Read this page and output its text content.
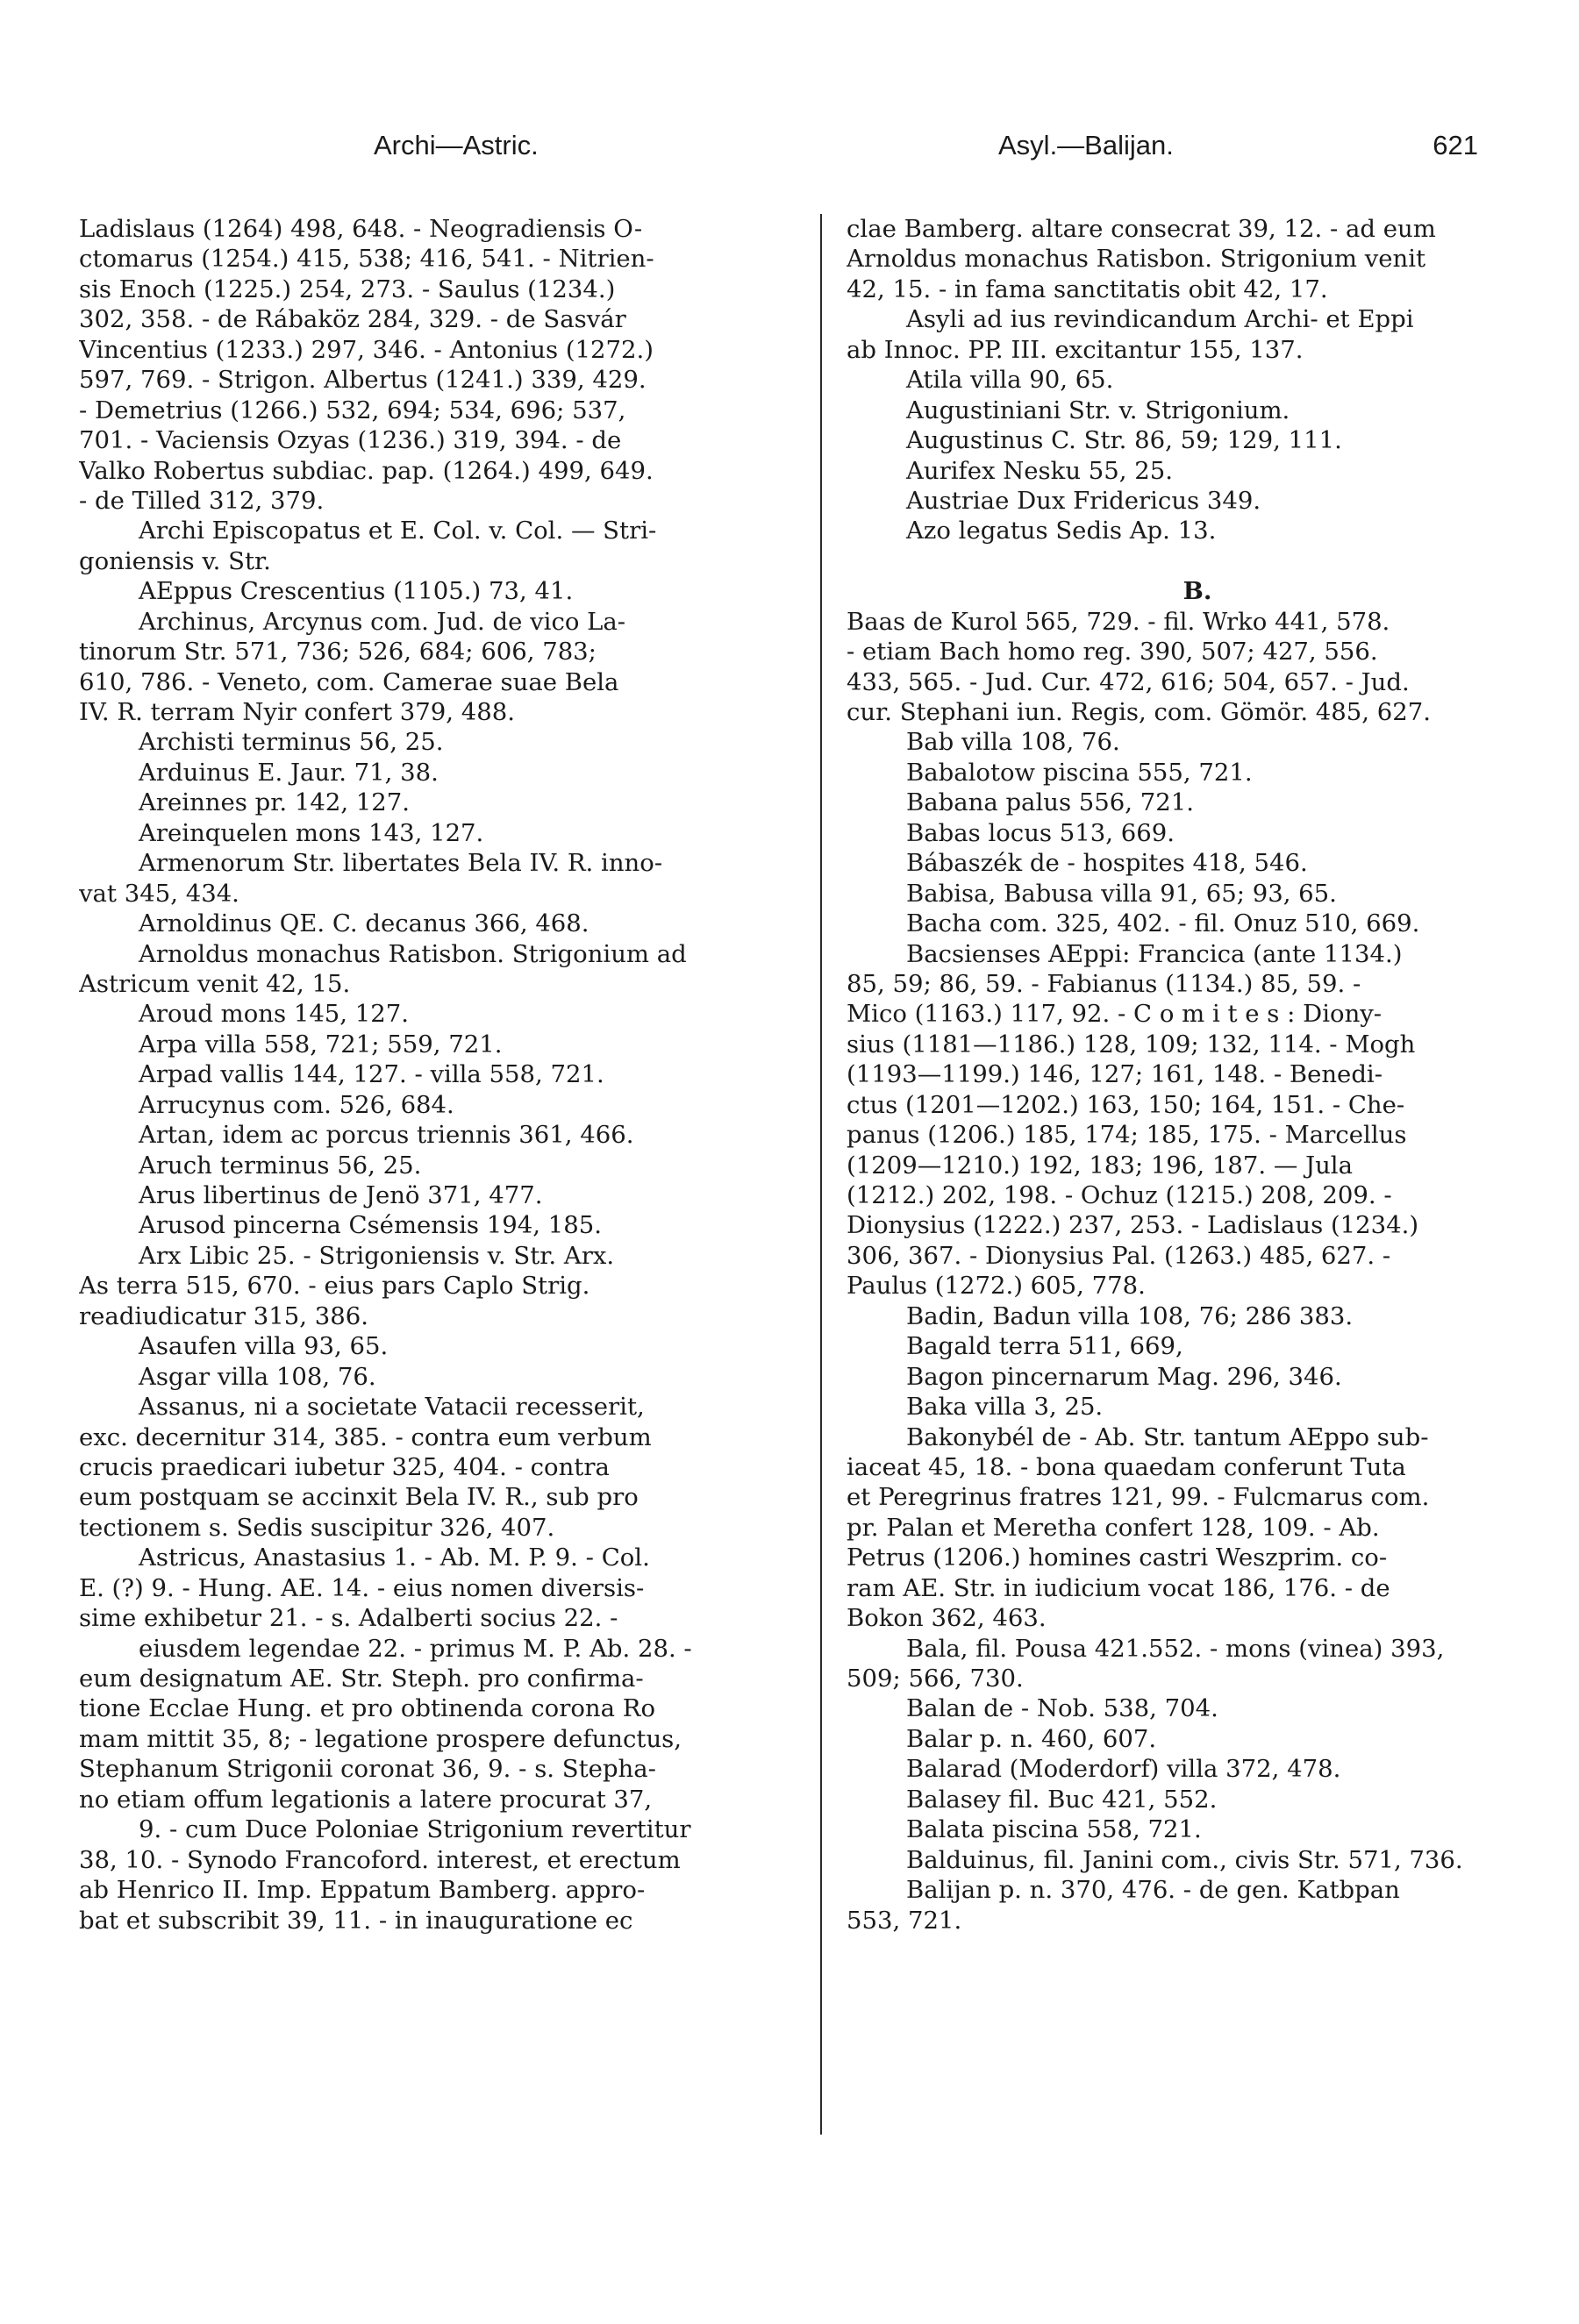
Archi—Astric.	Asyl.—Balijan.	621
Ladislaus (1264) 498, 648. - Neogradiensis O-
ctomarus (1254.) 415, 538; 416, 541. - Nitrien-
sis Enoch (1225.) 254, 273. - Saulus (1234.)
302, 358. - de Rábaköz 284, 329. - de Sasvár
Vincentius (1233.) 297, 346. - Antonius (1272.)
597, 769. - Strigon. Albertus (1241.) 339, 429.
- Demetrius (1266.) 532, 694; 534, 696; 537,
701. - Vaciensis Ozyas (1236.) 319, 394. - de
Valko Robertus subdiac. pap. (1264.) 499, 649.
- de Tilled 312, 379.
Archi Episcopatus et E. Col. v. Col. — Stri-
goniensis v. Str.
AEppus Crescentius (1105.) 73, 41.
Archinus, Arcynus com. Jud. de vico La-
tinorum Str. 571, 736; 526, 684; 606, 783;
610, 786. - Veneto, com. Camerae suae Bela
IV. R. terram Nyir confert 379, 488.
Archisti terminus 56, 25.
Arduinus E. Jaur. 71, 38.
Areinnes pr. 142, 127.
Areinquelen mons 143, 127.
Armenorum Str. libertates Bela IV. R. inno-
vat 345, 434.
Arnoldinus QE. C. decanus 366, 468.
Arnoldus monachus Ratisbon. Strigonium ad
Astricum venit 42, 15.
Aroud mons 145, 127.
Arpa villa 558, 721; 559, 721.
Arpad vallis 144, 127. - villa 558, 721.
Arrucynus com. 526, 684.
Artan, idem ac porcus triennis 361, 466.
Aruch terminus 56, 25.
Arus libertinus de Jenö 371, 477.
Arusod pincerna Csémensis 194, 185.
Arx Libic 25. - Strigoniensis v. Str. Arx.
As terra 515, 670. - eius pars Caplo Strig.
readiudicatur 315, 386.
Asaufen villa 93, 65.
Asgar villa 108, 76.
Assanus, ni a societate Vatacii recesserit,
exc. decernitur 314, 385. - contra eum verbum
crucis praedicari iubetur 325, 404. - contra
eum postquam se accinxit Bela IV. R., sub pro
tectionem s. Sedis suscipitur 326, 407.
Astricus, Anastasius 1. - Ab. M. P. 9. - Col.
E. (?) 9. - Hung. AE. 14. - eius nomen diversis-
sime exhibetur 21. - s. Adalberti socius 22. -
eiusdem legendae 22. - primus M. P. Ab. 28. -
eum designatum AE. Str. Steph. pro confirma-
tione Ecclae Hung. et pro obtinenda corona Ro
mam mittit 35, 8; - legatione prospere defunctus,
Stephanum Strigonii coronat 36, 9. - s. Stepha-
no etiam offum legationis a latere procurat 37,
9. - cum Duce Poloniae Strigonium revertitur
38, 10. - Synodo Francoford. interest, et erectum
ab Henrico II. Imp. Eppatum Bamberg. appro-
bat et subscribit 39, 11. - in inauguratione ec
clae Bamberg. altare consecrat 39, 12. - ad eum
Arnoldus monachus Ratisbon. Strigonium venit
42, 15. - in fama sanctitatis obit 42, 17.
Asyli ad ius revindicandum Archi- et Eppi
ab Innoc. PP. III. excitantur 155, 137.
Atila villa 90, 65.
Augustiniani Str. v. Strigonium.
Augustinus C. Str. 86, 59; 129, 111.
Aurifex Nesku 55, 25.
Austriae Dux Fridericus 349.
Azo legatus Sedis Ap. 13.
B.
Baas de Kurol 565, 729. - fil. Wrko 441, 578.
- etiam Bach homo reg. 390, 507; 427, 556.
433, 565. - Jud. Cur. 472, 616; 504, 657. - Jud.
cur. Stephani iun. Regis, com. Gömör. 485, 627.
Bab villa 108, 76.
Babalotow piscina 555, 721.
Babana palus 556, 721.
Babas locus 513, 669.
Bábaszék de - hospites 418, 546.
Babisa, Babusa villa 91, 65; 93, 65.
Bacha com. 325, 402. - fil. Onuz 510, 669.
Bacsienses AEppi: Francica (ante 1134.)
85, 59; 86, 59. - Fabianus (1134.) 85, 59. -
Mico (1163.) 117, 92. - C o m i t e s : Diony-
sius (1181—1186.) 128, 109; 132, 114. - Mogh
(1193—1199.) 146, 127; 161, 148. - Benedi-
ctus (1201—1202.) 163, 150; 164, 151. - Che-
panus (1206.) 185, 174; 185, 175. - Marcellus
(1209—1210.) 192, 183; 196, 187. — Jula
(1212.) 202, 198. - Ochuz (1215.) 208, 209. -
Dionysius (1222.) 237, 253. - Ladislaus (1234.)
306, 367. - Dionysius Pal. (1263.) 485, 627. -
Paulus (1272.) 605, 778.
Badin, Badun villa 108, 76; 286 383.
Bagald terra 511, 669,
Bagon pincernarum Mag. 296, 346.
Baka villa 3, 25.
Bakonybél de - Ab. Str. tantum AEppo sub-
iaceat 45, 18. - bona quaedam conferunt Tuta
et Peregrinus fratres 121, 99. - Fulcmarus com.
pr. Palan et Meretha confert 128, 109. - Ab.
Petrus (1206.) homines castri Weszprim. co-
ram AE. Str. in iudicium vocat 186, 176. - de
Bokon 362, 463.
Bala, fil. Pousa 421.552. - mons (vinea) 393,
509; 566, 730.
Balan de - Nob. 538, 704.
Balar p. n. 460, 607.
Balarad (Moderdorf) villa 372, 478.
Balasey fil. Buc 421, 552.
Balata piscina 558, 721.
Balduinus, fil. Janini com., civis Str. 571, 736.
Balijan p. n. 370, 476. - de gen. Katbpan
553, 721.
